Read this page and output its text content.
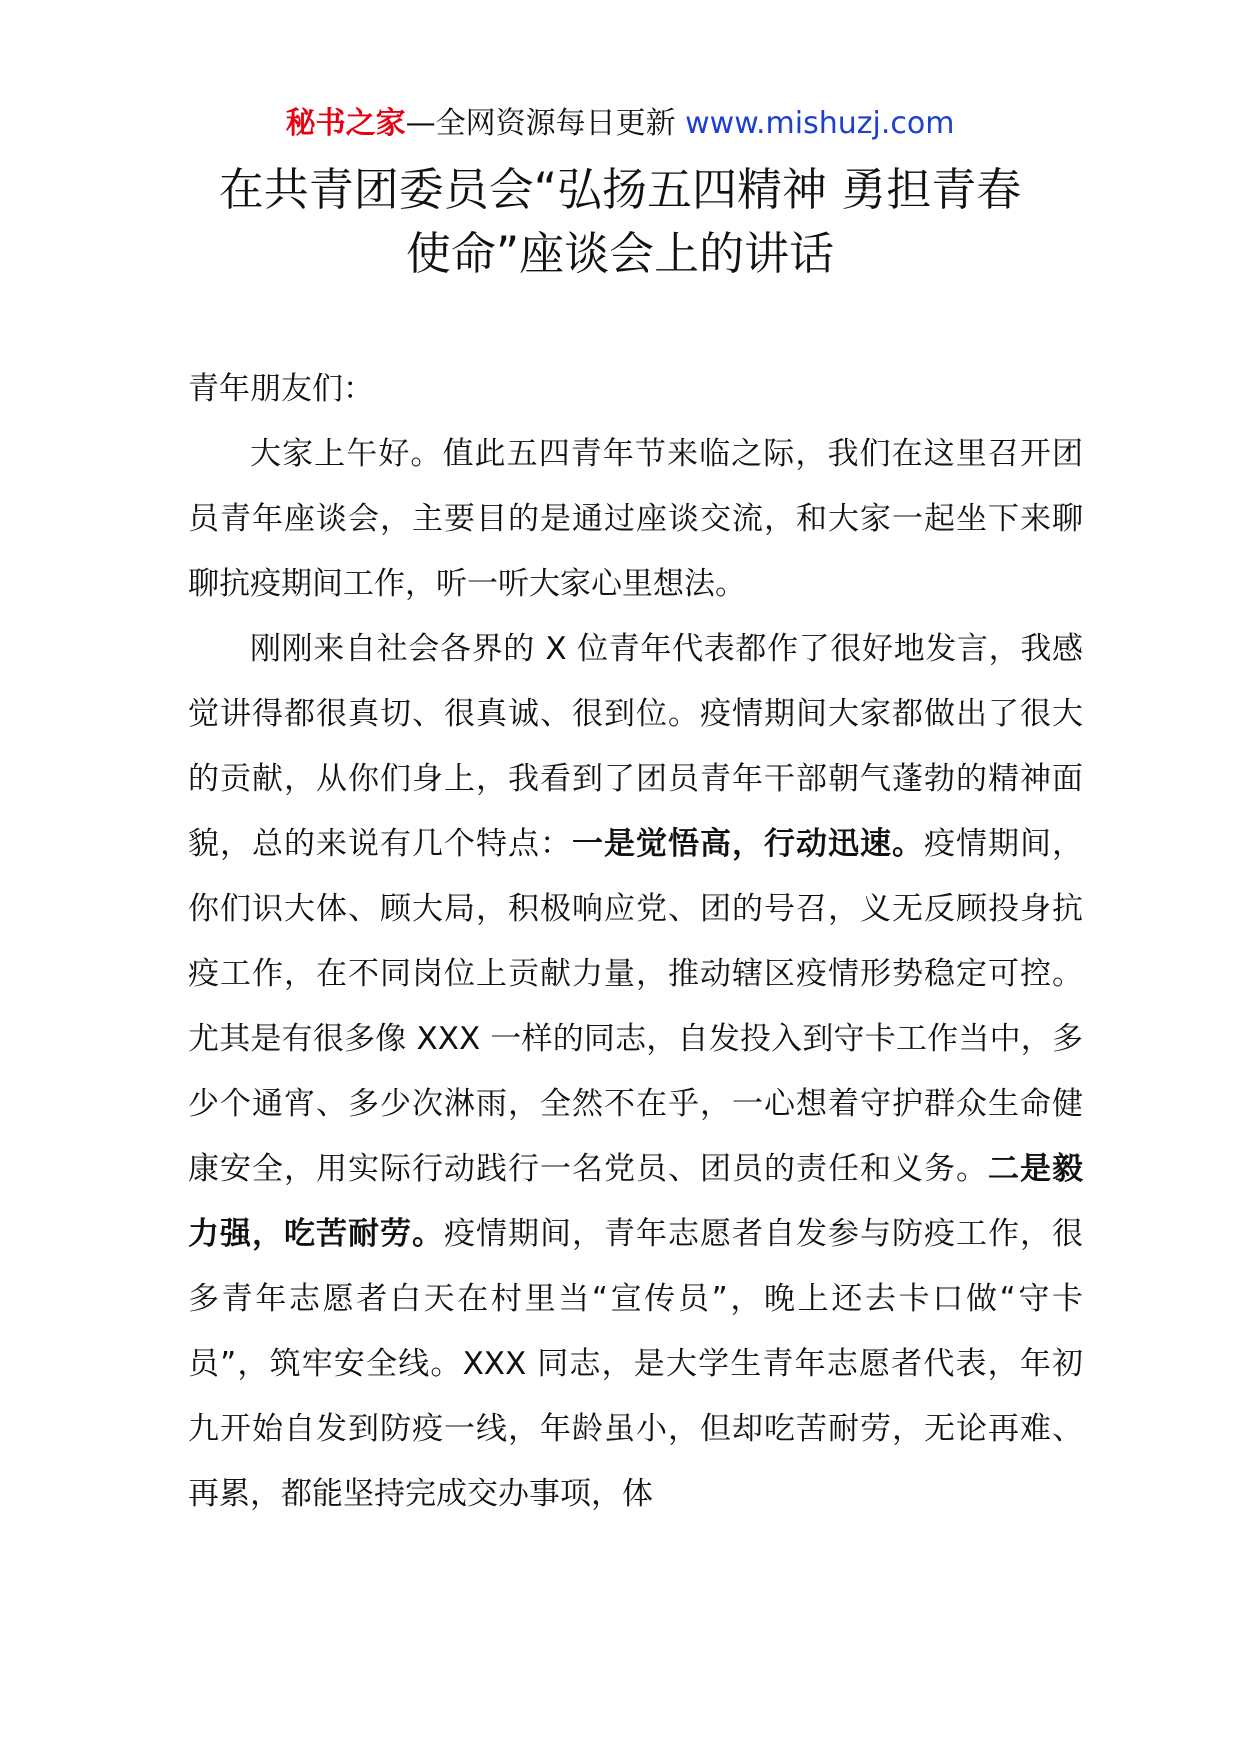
秘书之家—全网资源每日更新 www.mishuzj.com
在共青团委员会“弘扬五四精神 勇担青春
使命”座谈会上的讲话

青年朋友们：

大家上午好。值此五四青年节来临之际，我们在这里召开团员青年座谈会，主要目的是通过座谈交流，和大家一起坐下来聊聊抗疫期间工作，听一听大家心里想法。

刚刚来自社会各界的 X 位青年代表都作了很好地发言，我感觉讲得都很真切、很真诚、很到位。疫情期间大家都做出了很大的贡献，从你们身上，我看到了团员青年干部朝气蓬勃的精神面貌，总的来说有几个特点：一是觉悟高，行动迅速。疫情期间，你们识大体、顾大局，积极响应党、团的号召，义无反顾投身抗疫工作，在不同岗位上贡献力量，推动辖区疫情形势稳定可控。尤其是有很多像 XXX 一样的同志，自发投入到守卡工作当中，多少个通宵、多少次淋雨，全然不在乎，一心想着守护群众生命健康安全，用实际行动践行一名党员、团员的责任和义务。二是毅力强，吃苦耐劳。疫情期间，青年志愿者自发参与防疫工作，很多青年志愿者白天在村里当“宣传员”，晚上还去卡口做“守卡员”，筑牢安全线。XXX 同志，是大学生青年志愿者代表，年初九开始自发到防疫一线，年龄虽小，但却吃苦耐劳，无论再难、再累，都能坚持完成交办事项，体
